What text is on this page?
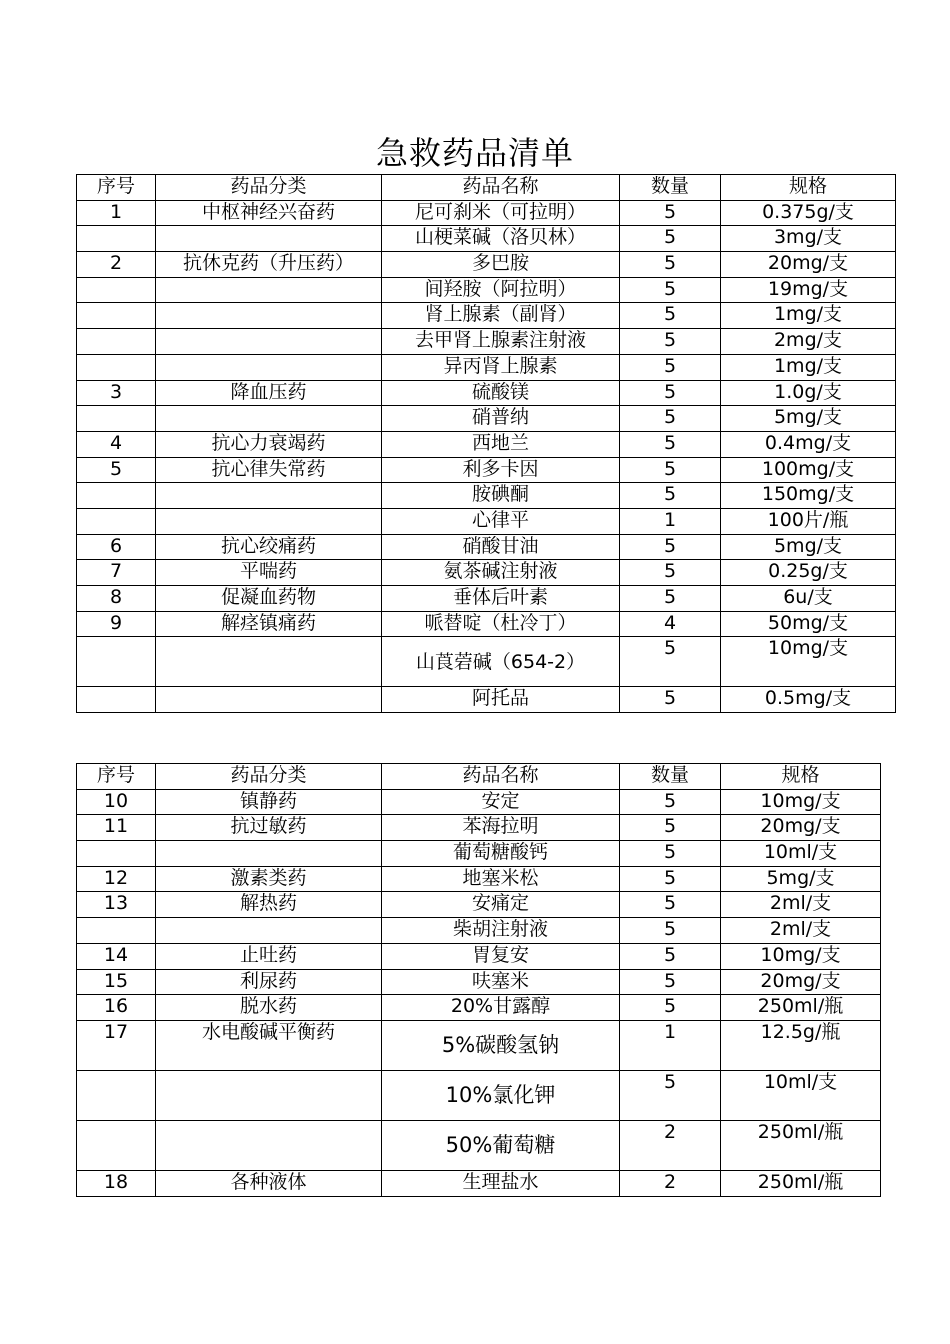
急救药品清单
序号	药品分类	药品名称	数量	规格
1	中枢神经兴奋药	尼可刹米（可拉明）	5	0.375g/支
		山梗菜碱（洛贝林）	5	3mg/支
2	抗休克药（升压药）	多巴胺	5	20mg/支
		间羟胺（阿拉明）	5	19mg/支
		肾上腺素（副肾）	5	1mg/支
		去甲肾上腺素注射液	5	2mg/支
		异丙肾上腺素	5	1mg/支
3	降血压药	硫酸镁	5	1.0g/支
		硝普纳	5	5mg/支
4	抗心力衰竭药	西地兰	5	0.4mg/支
5	抗心律失常药	利多卡因	5	100mg/支
		胺碘酮	5	150mg/支
		心律平	1	100片/瓶
6	抗心绞痛药	硝酸甘油	5	5mg/支
7	平喘药	氨茶碱注射液	5	0.25g/支
8	促凝血药物	垂体后叶素	5	6u/支
9	解痉镇痛药	哌替啶（杜冷丁）	4	50mg/支
		山莨菪碱（654-2）	5	10mg/支
		阿托品	5	0.5mg/支
序号	药品分类	药品名称	数量	规格
10	镇静药	安定	5	10mg/支
11	抗过敏药	苯海拉明	5	20mg/支
		葡萄糖酸钙	5	10ml/支
12	激素类药	地塞米松	5	5mg/支
13	解热药	安痛定	5	2ml/支
		柴胡注射液	5	2ml/支
14	止吐药	胃复安	5	10mg/支
15	利尿药	呋塞米	5	20mg/支
16	脱水药	20%甘露醇	5	250ml/瓶
17	水电酸碱平衡药	5%碳酸氢钠	1	12.5g/瓶
		10%氯化钾	5	10ml/支
		50%葡萄糖	2	250ml/瓶
18	各种液体	生理盐水	2	250ml/瓶
